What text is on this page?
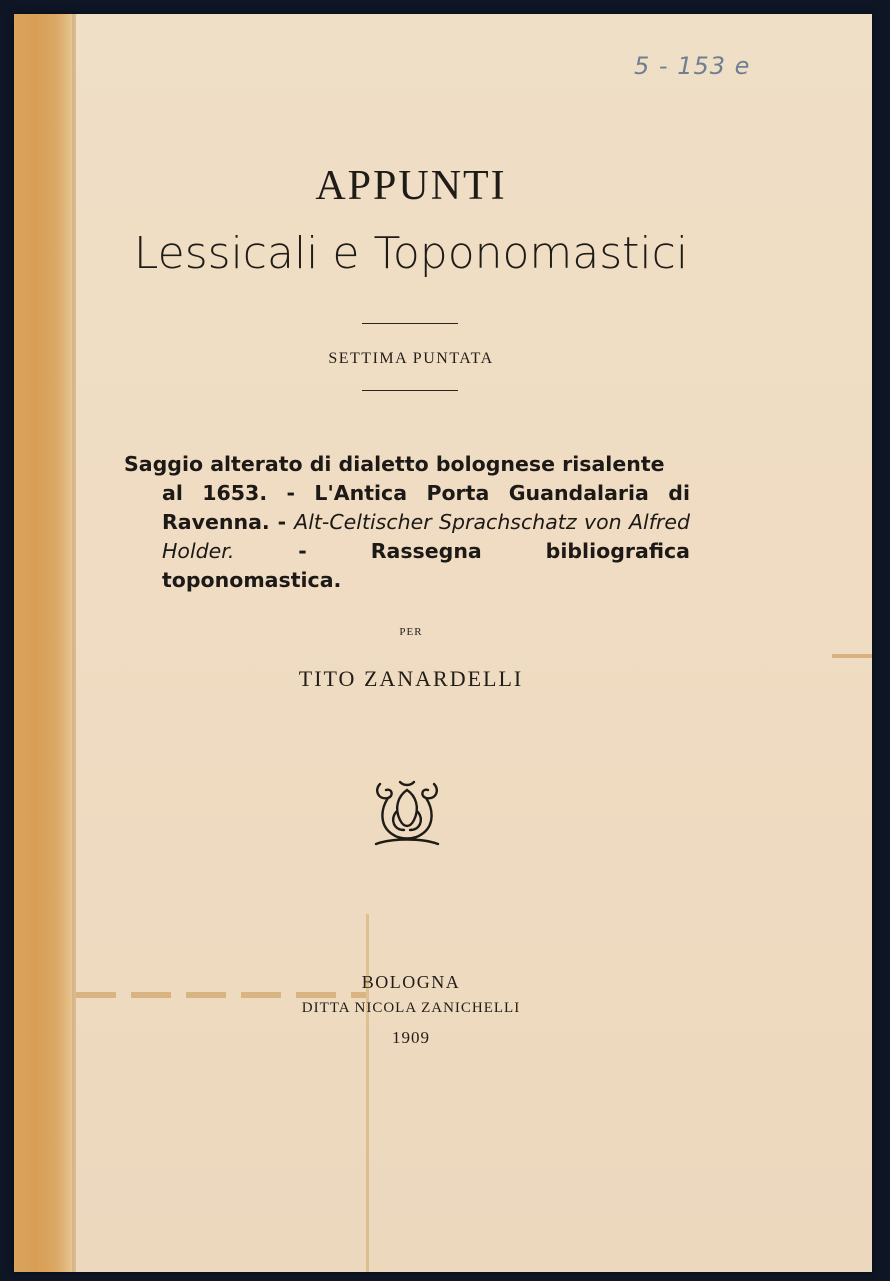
5 - 153 e
APPUNTI
Lessicali e Toponomastici
SETTIMA PUNTATA
Saggio alterato di dialetto bolognese risalente
al 1653. - L'Antica Porta Guandalaria di Ravenna. - Alt-Celtischer Sprachschatz von Alfred Holder. - Rassegna bibliografica toponomastica.
PER
TITO ZANARDELLI
BOLOGNA
DITTA NICOLA ZANICHELLI
1909
